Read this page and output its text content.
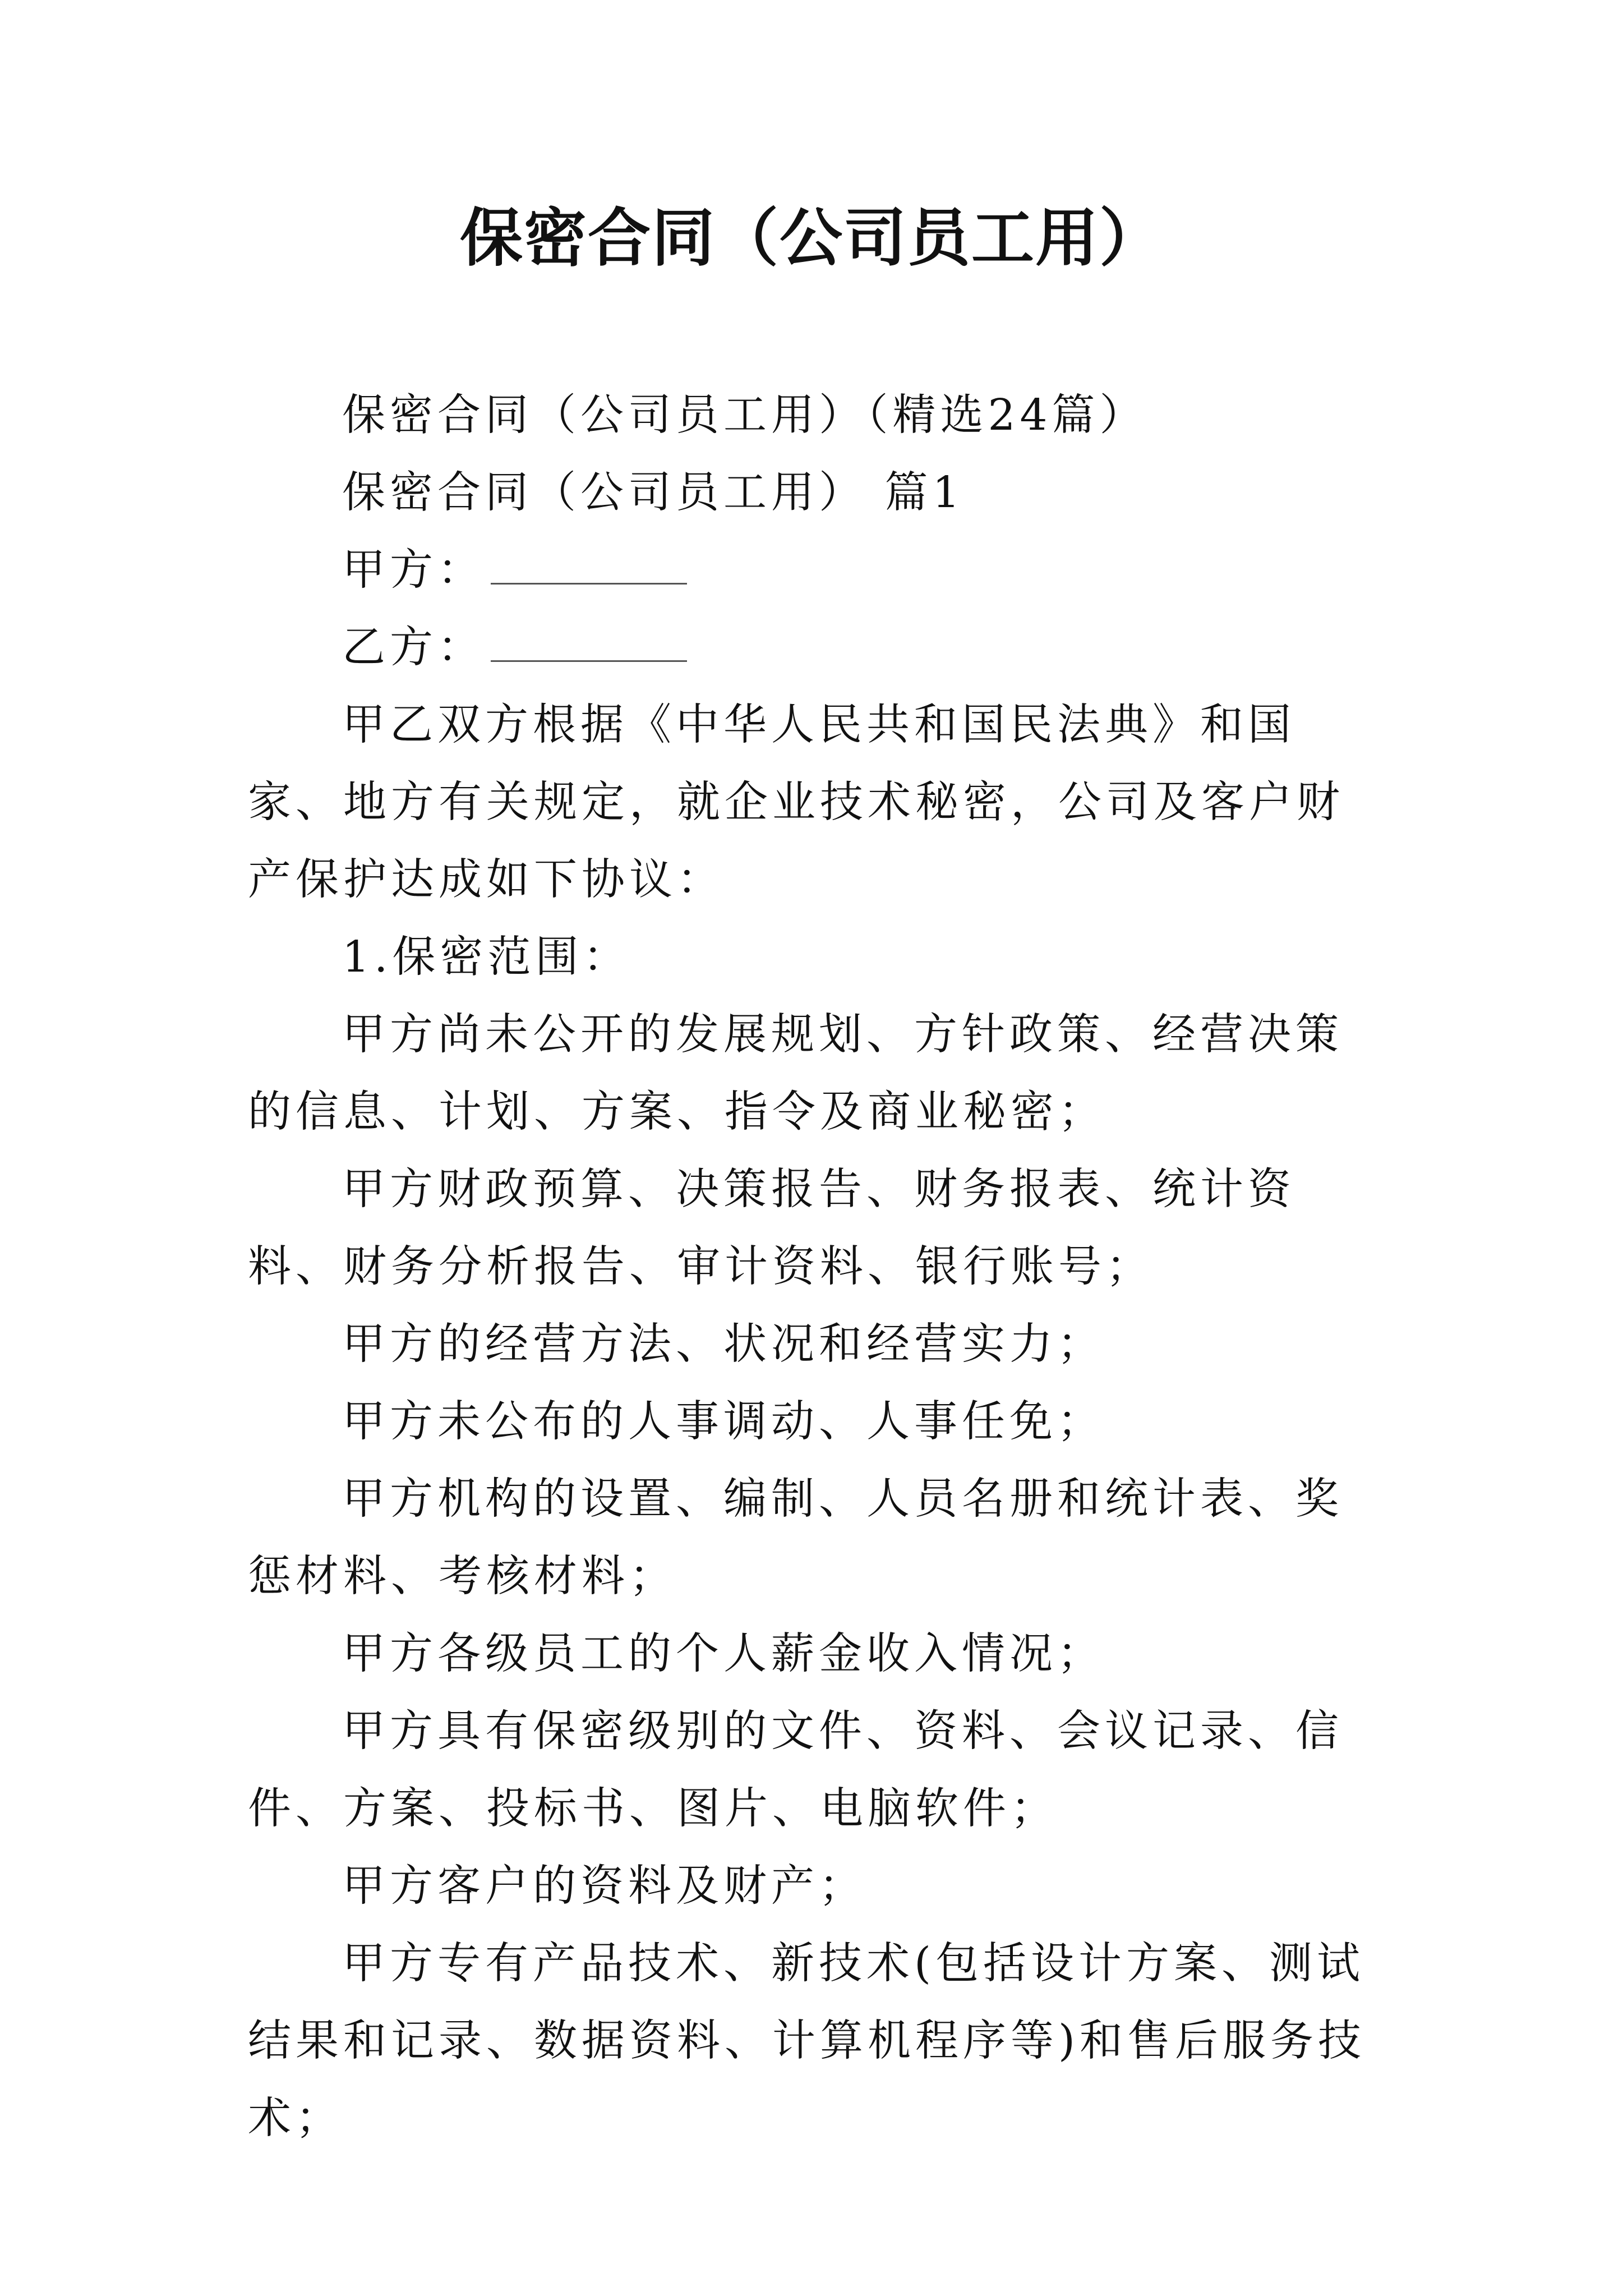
保密合同（公司员工用）

保密合同（公司员工用）（精选24篇）

保密合同（公司员工用） 篇1

甲方：

乙方：

甲乙双方根据《中华人民共和国民法典》和国家、地方有关规定，就企业技术秘密，公司及客户财产保护达成如下协议：

1.保密范围：

甲方尚未公开的发展规划、方针政策、经营决策的信息、计划、方案、指令及商业秘密；

甲方财政预算、决策报告、财务报表、统计资料、财务分析报告、审计资料、银行账号；

甲方的经营方法、状况和经营实力；

甲方未公布的人事调动、人事任免；

甲方机构的设置、编制、人员名册和统计表、奖惩材料、考核材料；

甲方各级员工的个人薪金收入情况；

甲方具有保密级别的文件、资料、会议记录、信件、方案、投标书、图片、电脑软件；

甲方客户的资料及财产；

甲方专有产品技术、新技术(包括设计方案、测试结果和记录、数据资料、计算机程序等)和售后服务技术；
